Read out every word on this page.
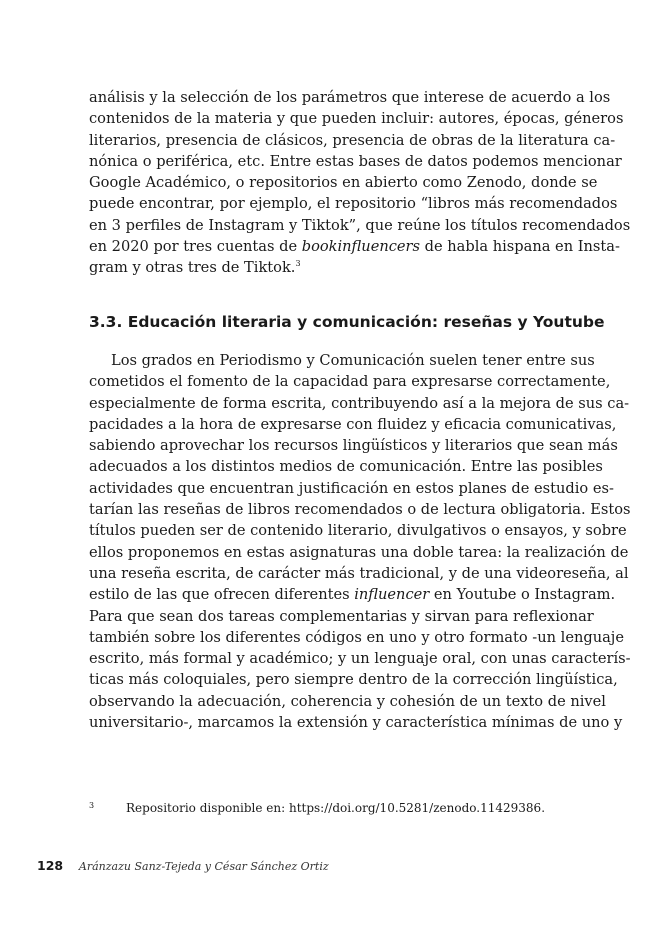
análisis y la selección de los parámetros que interese de acuerdo a los
contenidos de la materia y que pueden incluir: autores, épocas, géneros
literarios, presencia de clásicos, presencia de obras de la literatura ca-
nónica o periférica, etc. Entre estas bases de datos podemos mencionar
Google Académico, o repositorios en abierto como Zenodo, donde se
puede encontrar, por ejemplo, el repositorio “libros más recomendados
en 3 perfiles de Instagram y Tiktok”, que reúne los títulos recomendados
en 2020 por tres cuentas de bookinfluencers de habla hispana en Insta-
gram y otras tres de Tiktok.$^3$
3.3. Educación literaria y comunicación: reseñas y Youtube
Los grados en Periodismo y Comunicación suelen tener entre sus
cometidos el fomento de la capacidad para expresarse correctamente,
especialmente de forma escrita, contribuyendo así a la mejora de sus ca-
pacidades a la hora de expresarse con fluidez y eficacia comunicativas,
sabiendo aprovechar los recursos lingüísticos y literarios que sean más
adecuados a los distintos medios de comunicación. Entre las posibles
actividades que encuentran justificación en estos planes de estudio es-
tarían las reseñas de libros recomendados o de lectura obligatoria. Estos
títulos pueden ser de contenido literario, divulgativos o ensayos, y sobre
ellos proponemos en estas asignaturas una doble tarea: la realización de
una reseña escrita, de carácter más tradicional, y de una videoreseña, al
estilo de las que ofrecen diferentes influencer en Youtube o Instagram.
Para que sean dos tareas complementarias y sirvan para reflexionar
también sobre los diferentes códigos en uno y otro formato -un lenguaje
escrito, más formal y académico; y un lenguaje oral, con unas caracterís-
ticas más coloquiales, pero siempre dentro de la corrección lingüística,
observando la adecuación, coherencia y cohesión de un texto de nivel
universitario-, marcamos la extensión y característica mínimas de uno y
3	Repositorio disponible en: https://doi.org/10.5281/zenodo.11429386.
128 Aránzazu Sanz-Tejeda y César Sánchez Ortiz
